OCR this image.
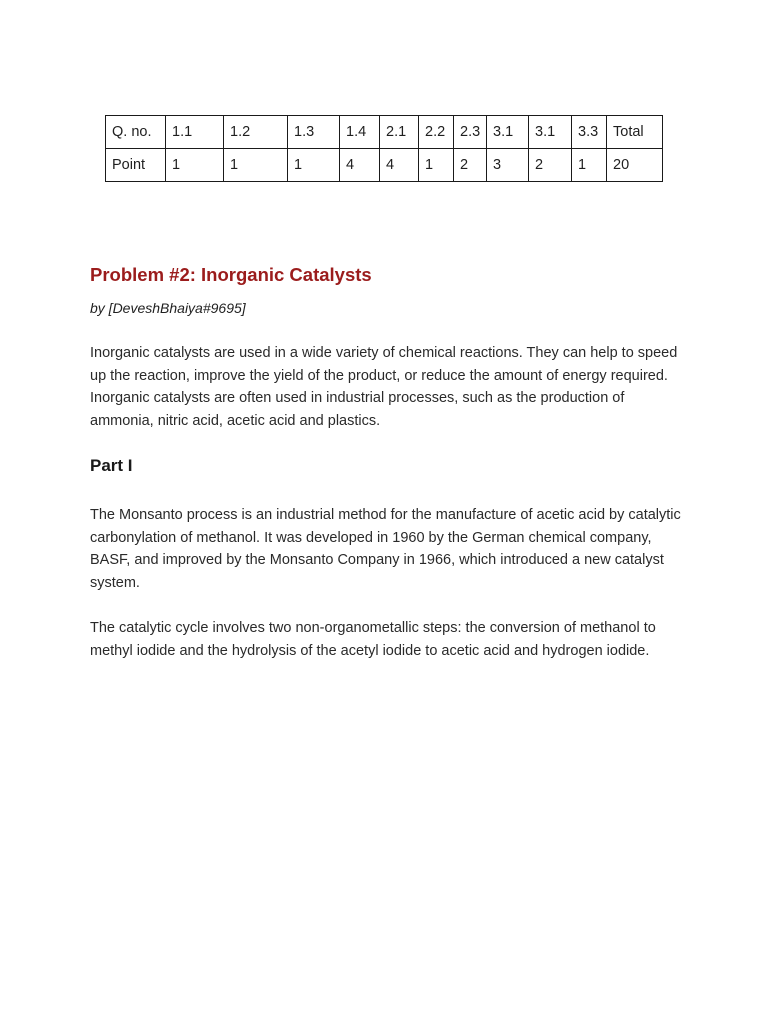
Q. no.	1.1	1.2	1.3	1.4	2.1	2.2	2.3	3.1	3.1	3.3	Total
Point	1	1	1	4	4	1	2	3	2	1	20
Problem #2: Inorganic Catalysts

by [DeveshBhaiya#9695]

Inorganic catalysts are used in a wide variety of chemical reactions. They can help to speed up the reaction, improve the yield of the product, or reduce the amount of energy required. Inorganic catalysts are often used in industrial processes, such as the production of ammonia, nitric acid, acetic acid and plastics.

Part I

The Monsanto process is an industrial method for the manufacture of acetic acid by catalytic carbonylation of methanol. It was developed in 1960 by the German chemical company, BASF, and improved by the Monsanto Company in 1966, which introduced a new catalyst system.

The catalytic cycle involves two non-organometallic steps: the conversion of methanol to methyl iodide and the hydrolysis of the acetyl iodide to acetic acid and hydrogen iodide.
